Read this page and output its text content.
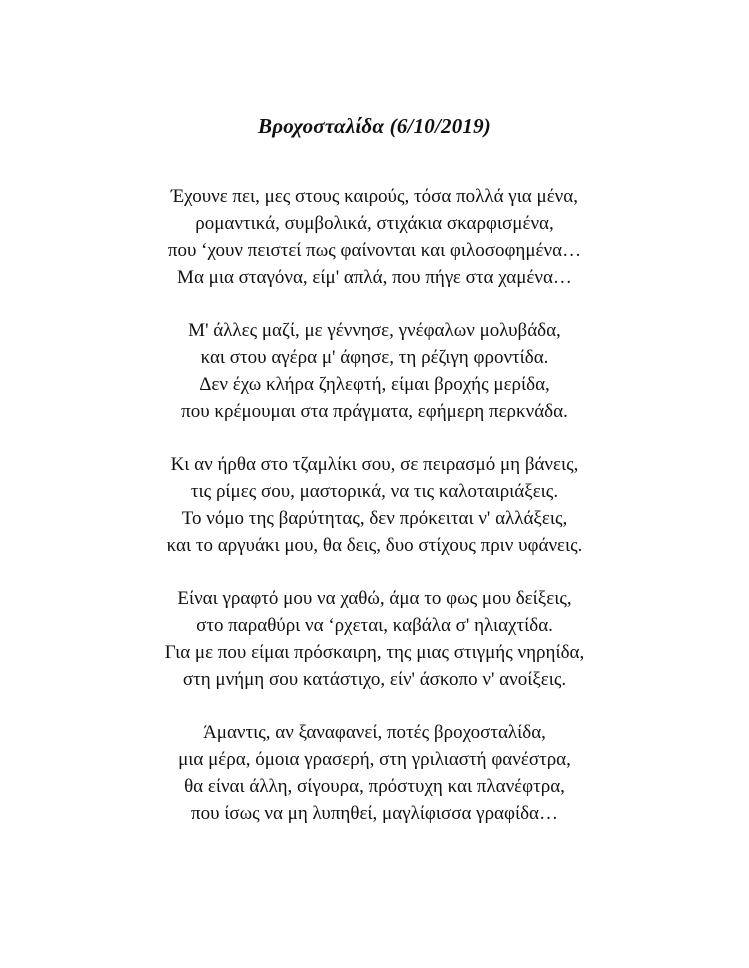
Βροχοσταλίδα (6/10/2019)
Έχουνε πει, μες στους καιρούς, τόσα πολλά για μένα,
ρομαντικά, συμβολικά, στιχάκια σκαρφισμένα,
που ‘χουν πειστεί πως φαίνονται και φιλοσοφημένα…
Μα μια σταγόνα, είμ' απλά, που πήγε στα χαμένα…
Μ' άλλες μαζί, με γέννησε, γνέφαλων μολυβάδα,
και στου αγέρα μ' άφησε, τη ρέζιγη φροντίδα.
Δεν έχω κλήρα ζηλεφτή, είμαι βροχής μερίδα,
που κρέμουμαι στα πράγματα, εφήμερη περκνάδα.
Κι αν ήρθα στο τζαμλίκι σου, σε πειρασμό μη βάνεις,
τις ρίμες σου, μαστορικά, να τις καλοταιριάξεις.
Το νόμο της βαρύτητας, δεν πρόκειται ν' αλλάξεις,
και το αργυάκι μου, θα δεις, δυο στίχους πριν υφάνεις.
Είναι γραφτό μου να χαθώ, άμα το φως μου δείξεις,
στο παραθύρι να ‘ρχεται, καβάλα σ' ηλιαχτίδα.
Για με που είμαι πρόσκαιρη, της μιας στιγμής νηρηίδα,
στη μνήμη σου κατάστιχο, είν' άσκοπο ν' ανοίξεις.
Άμαντις, αν ξαναφανεί, ποτές βροχοσταλίδα,
μια μέρα, όμοια γρασερή, στη γριλιαστή φανέστρα,
θα είναι άλλη, σίγουρα, πρόστυχη και πλανέφτρα,
που ίσως να μη λυπηθεί, μαγλίφισσα γραφίδα…
